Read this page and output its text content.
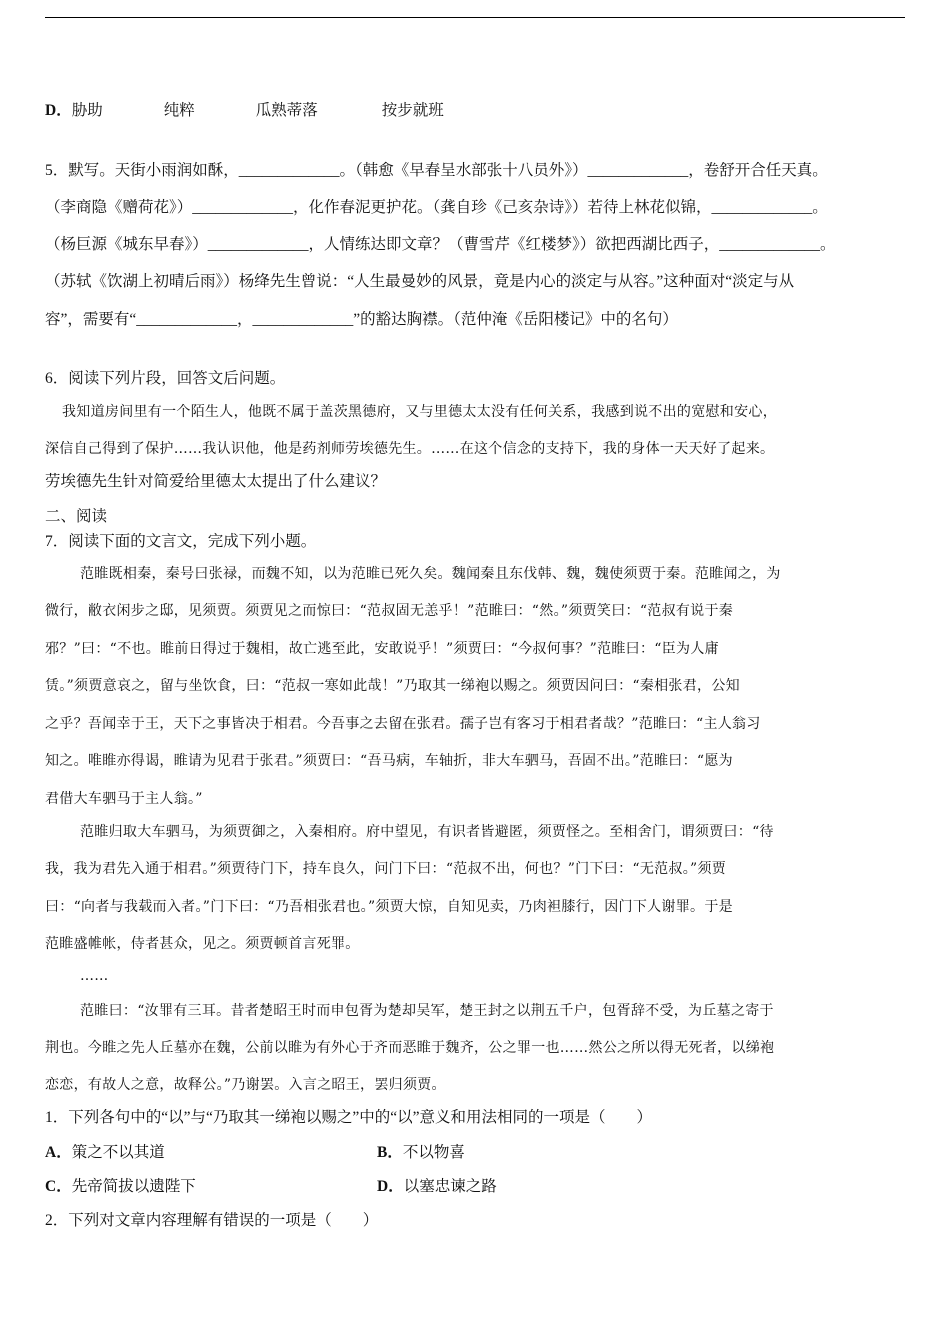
D．胁助	纯粹	瓜熟蒂落	按步就班
5．默写。天街小雨润如酥，_____________。（韩愈《早春呈水部张十八员外》）_____________，卷舒开合任天真。
（李商隐《赠荷花》）_____________，化作春泥更护花。（龚自珍《己亥杂诗》）若待上林花似锦，_____________。
（杨巨源《城东早春》）_____________，人情练达即文章？（曹雪芹《红楼梦》）欲把西湖比西子，_____________。
（苏轼《饮湖上初晴后雨》）杨绛先生曾说：“人生最曼妙的风景，竟是内心的淡定与从容。”这种面对“淡定与从
容”，需要有“_____________，_____________”的豁达胸襟。（范仲淹《岳阳楼记》中的名句）
6．阅读下列片段，回答文后问题。
我知道房间里有一个陌生人，他既不属于盖茨黑德府，又与里德太太没有任何关系，我感到说不出的宽慰和安心，
深信自己得到了保护……我认识他，他是药剂师劳埃德先生。……在这个信念的支持下，我的身体一天天好了起来。
劳埃德先生针对简爱给里德太太提出了什么建议？
二、阅读
7．阅读下面的文言文，完成下列小题。
范睢既相秦，秦号曰张禄，而魏不知，以为范睢已死久矣。魏闻秦且东伐韩、魏，魏使须贾于秦。范睢闻之，为
微行，敝衣闲步之邸，见须贾。须贾见之而惊曰：“范叔固无恙乎！”范睢曰：“然。”须贾笑曰：“范叔有说于秦
邪？”曰：“不也。睢前日得过于魏相，故亡逃至此，安敢说乎！”须贾曰：“今叔何事？”范睢曰：“臣为人庸
赁。”须贾意哀之，留与坐饮食，曰：“范叔一寒如此哉！”乃取其一绨袍以赐之。须贾因问曰：“秦相张君，公知
之乎？吾闻幸于王，天下之事皆决于相君。今吾事之去留在张君。孺子岂有客习于相君者哉？”范睢曰：“主人翁习
知之。唯睢亦得谒，睢请为见君于张君。”须贾曰：“吾马病，车轴折，非大车驷马，吾固不出。”范睢曰：“愿为
君借大车驷马于主人翁。”
范睢归取大车驷马，为须贾御之，入秦相府。府中望见，有识者皆避匿，须贾怪之。至相舍门，谓须贾曰：“待
我，我为君先入通于相君。”须贾待门下，持车良久，问门下曰：“范叔不出，何也？”门下曰：“无范叔。”须贾
曰：“向者与我载而入者。”门下曰：“乃吾相张君也。”须贾大惊，自知见卖，乃肉袒膝行，因门下人谢罪。于是
范睢盛帷帐，侍者甚众，见之。须贾顿首言死罪。
……
范睢曰：“汝罪有三耳。昔者楚昭王时而申包胥为楚却吴军，楚王封之以荆五千户，包胥辞不受，为丘墓之寄于
荆也。今睢之先人丘墓亦在魏，公前以睢为有外心于齐而恶睢于魏齐，公之罪一也……然公之所以得无死者，以绨袍
恋恋，有故人之意，故释公。”乃谢罢。入言之昭王，罢归须贾。
1．下列各句中的“以”与“乃取其一绨袍以赐之”中的“以”意义和用法相同的一项是（　　）
A．策之不以其道	B．不以物喜
C．先帝简拔以遗陛下	D．以塞忠谏之路
2．下列对文章内容理解有错误的一项是（　　）
